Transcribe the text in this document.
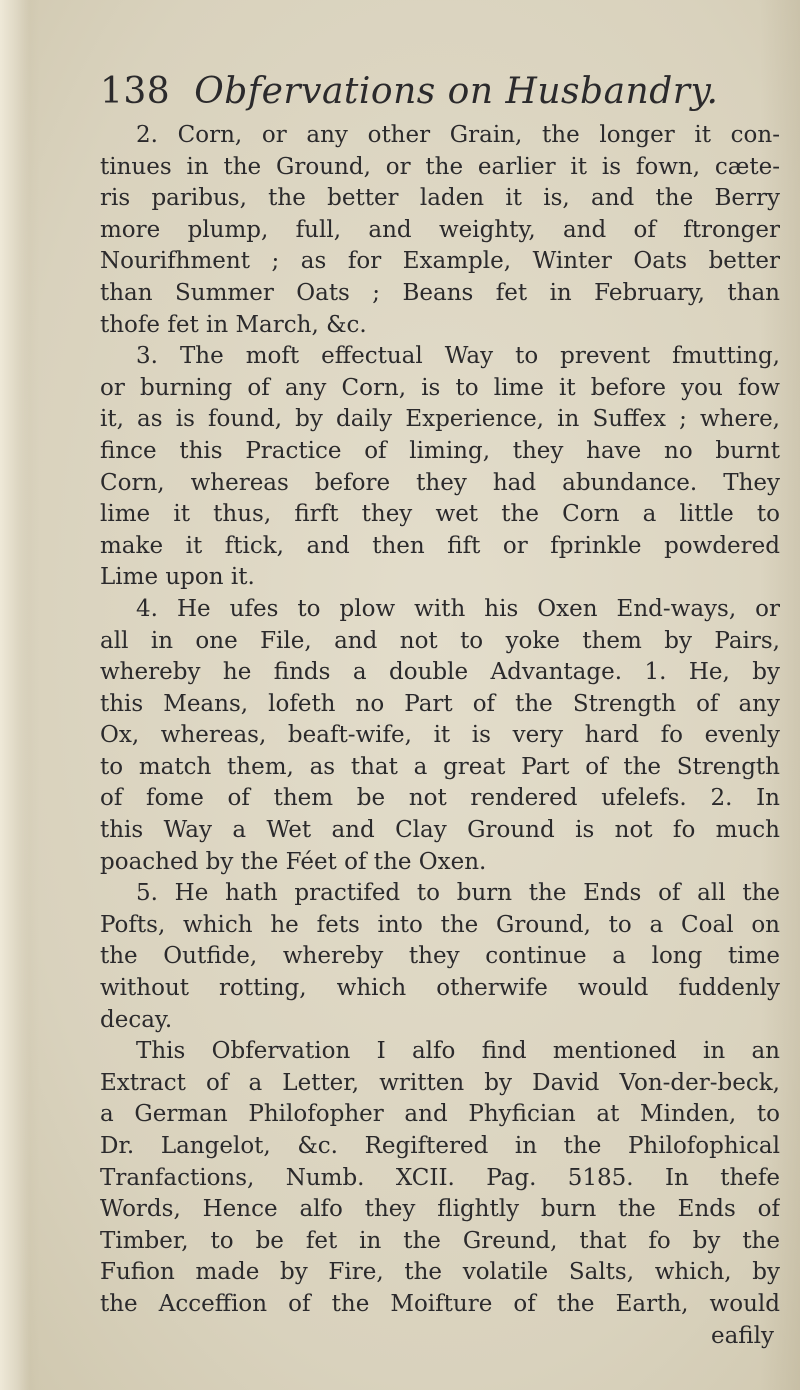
138 Obfervations on Husbandry.
2. Corn, or any other Grain, the longer it con-
tinues in the Ground, or the earlier it is fown, cæte-
ris paribus, the better laden it is, and the Berry
more plump, full, and weighty, and of ftronger
Nourifhment ; as for Example, Winter Oats better
than Summer Oats ; Beans fet in February, than
thofe fet in March, &c.
3. The moft effectual Way to prevent fmutting,
or burning of any Corn, is to lime it before you fow
it, as is found, by daily Experience, in Suffex ; where,
fince this Practice of liming, they have no burnt
Corn, whereas before they had abundance. They
lime it thus, firft they wet the Corn a little to
make it ftick, and then fift or fprinkle powdered
Lime upon it.
4. He ufes to plow with his Oxen End-ways, or
all in one File, and not to yoke them by Pairs,
whereby he finds a double Advantage. 1. He, by
this Means, lofeth no Part of the Strength of any
Ox, whereas, beaft-wife, it is very hard fo evenly
to match them, as that a great Part of the Strength
of fome of them be not rendered ufelefs. 2. In
this Way a Wet and Clay Ground is not fo much
poached by the Féet of the Oxen.
5. He hath practifed to burn the Ends of all the
Pofts, which he fets into the Ground, to a Coal on
the Outfide, whereby they continue a long time
without rotting, which otherwife would fuddenly
decay.
This Obfervation I alfo find mentioned in an
Extract of a Letter, written by David Von-der-beck,
a German Philofopher and Phyfician at Minden, to
Dr. Langelot, &c. Regiftered in the Philofophical
Tranfactions, Numb. XCII. Pag. 5185. In thefe
Words, Hence alfo they flightly burn the Ends of
Timber, to be fet in the Greund, that fo by the
Fufion made by Fire, the volatile Salts, which, by
the Acceffion of the Moifture of the Earth, would
eafily
